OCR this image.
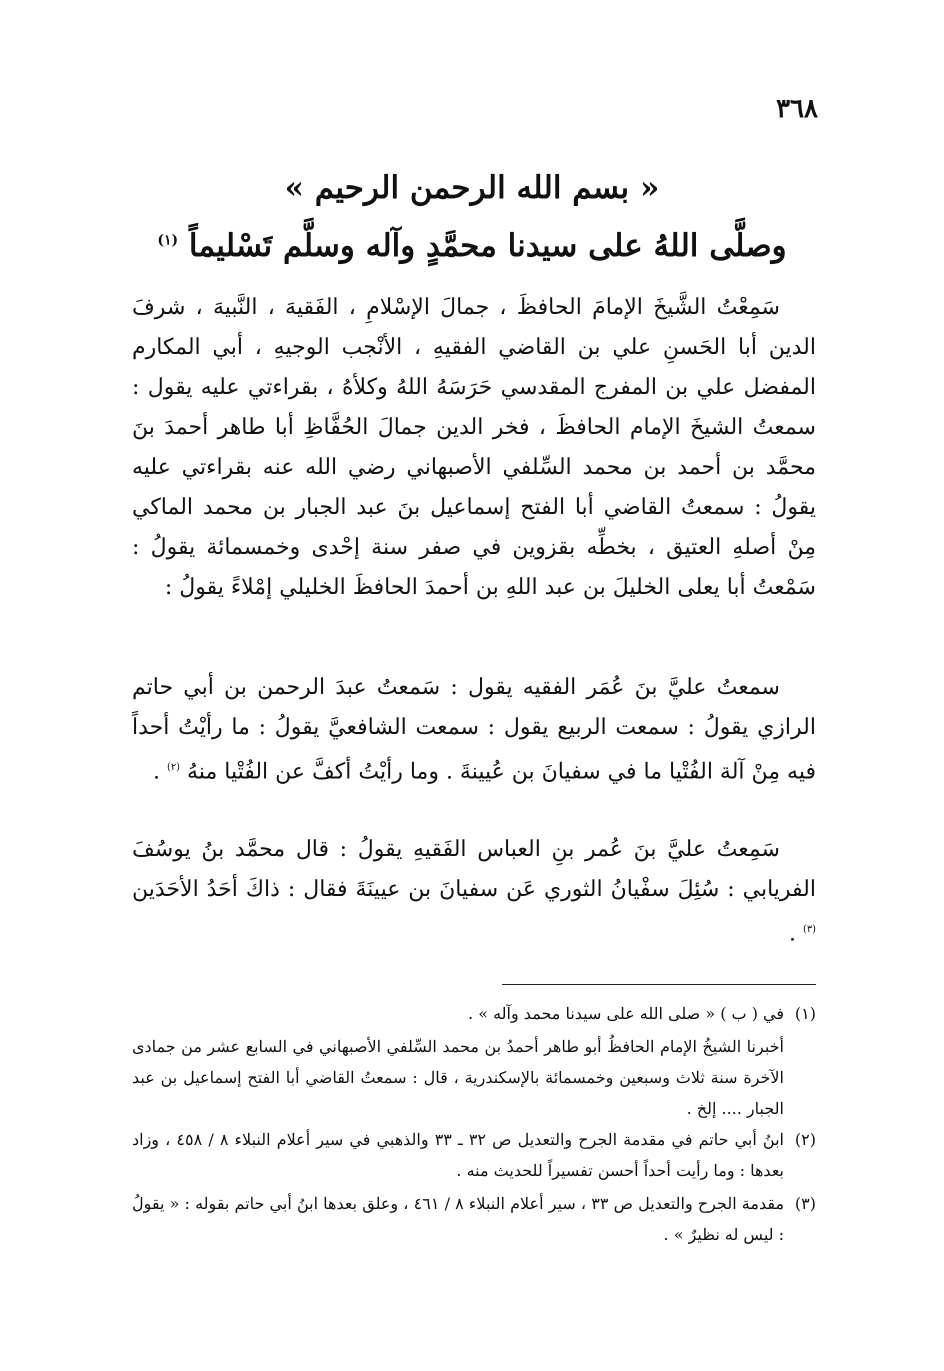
٣٦٨
« بسم الله الرحمن الرحيم »
وصلَّى اللهُ على سيدنا محمَّدٍ وآله وسلَّم تَسْليماً $^{(١)}$
سَمِعْتُ الشَّيخَ الإمامَ الحافظَ ، جمالَ الإسْلامِ ، الفَقيهَ ، النَّبيهَ ، شرفَ الدين أبا الحَسنِ علي بن القاضي الفقيهِ ، الأنْجب الوجيهِ ، أبي المكارم المفضل علي بن المفرج المقدسي حَرَسَهُ اللهُ وكلأهُ ، بقراءتي عليه يقول : سمعتُ الشيخَ الإمام الحافظَ ، فخر الدين جمالَ الحُفَّاظِ أبا طاهر أحمدَ بنَ محمَّد بن أحمد بن محمد السِّلفي الأصبهاني رضي الله عنه بقراءتي عليه يقولُ : سمعتُ القاضي أبا الفتح إسماعيل بنَ عبد الجبار بن محمد الماكي مِنْ أصلهِ العتيق ، بخطِّه بقزوين في صفر سنة إحْدى وخمسمائة يقولُ : سَمْعتُ أبا يعلى الخليلَ بن عبد اللهِ بن أحمدَ الحافظَ الخليلي إمْلاءً يقولُ :
سمعتُ عليَّ بنَ عُمَر الفقيه يقول : سَمعتُ عبدَ الرحمن بن أبي حاتم الرازي يقولُ : سمعت الربيع يقول : سمعت الشافعيَّ يقولُ : ما رأيْتُ أحداً فيه مِنْ آلة الفُتْيا ما في سفيانَ بن عُيينةَ . وما رأيْتُ أكفَّ عن الفُتْيا منهُ $^{(٢)}$ .
سَمِعتُ عليَّ بنَ عُمر بنِ العباس الفَقيهِ يقولُ : قال محمَّد بنُ يوسُفَ الفريابي : سُئِلَ سفْيانُ الثوري عَن سفيانَ بن عيينَةَ فقال : ذاكَ أحَدُ الأحَدَين $^{(٣)}$ .
(١)
في ( ب ) « صلى الله على سيدنا محمد وآله » .
أخبرنا الشيخُ الإمام الحافظُ أبو طاهر أحمدُ بن محمد السِّلفي الأصبهاني في السابع عشر من جمادى الآخرة سنة ثلاث وسبعين وخمسمائة بالإسكندرية ، قال : سمعتُ القاضي أبا الفتح إسماعيل بن عبد الجبار .... إلخ .
(٢)
ابنُ أبي حاتم في مقدمة الجرح والتعديل ص ٣٢ ـ ٣٣ والذهبي في سير أعلام النبلاء ٨ / ٤٥٨ ، وزاد بعدها : وما رأيت أحداً أحسن تفسيراً للحديث منه .
(٣)
مقدمة الجرح والتعديل ص ٣٣ ، سير أعلام النبلاء ٨ / ٤٦١ ، وعلق بعدها ابنُ أبي حاتم بقوله : « يقولُ : ليس له نظيرٌ » .
